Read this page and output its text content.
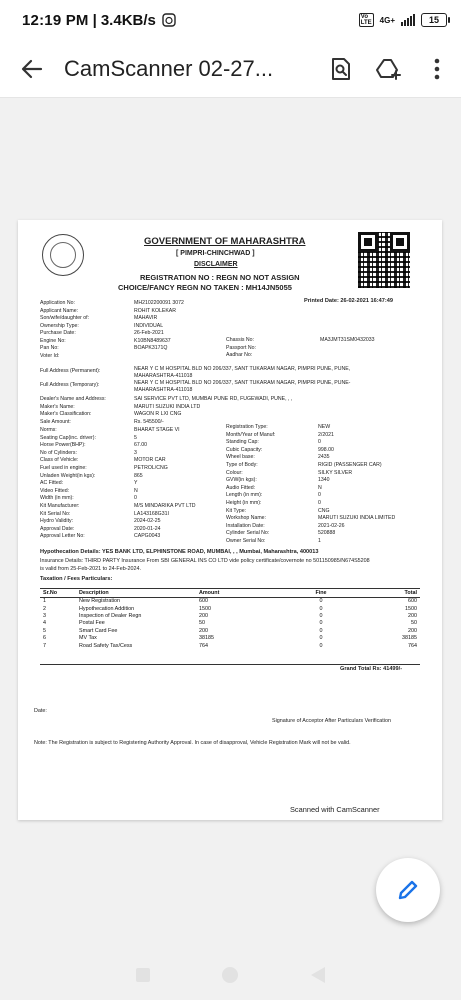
12:19 PM | 3.4KB/s	Vo
LTE 4G+	15
CamScanner 02-27...
GOVERNMENT OF MAHARASHTRA
[ PIMPRI-CHINCHWAD ]
DISCLAIMER
REGISTRATION NO : REGN NO NOT ASSIGN
CHOICE/FANCY REGN NO TAKEN : MH14JN5055
Printed Date: 26-02-2021 16:47:49
Application No:	MH2102200091 3072
Applicant Name:	ROHIT KOLEKAR
Son/wife/daughter of:	MAHAVIR
Ownership Type:	INDIVIDUAL
Purchase Date:	26-Feb-2021
Engine No:	K10BN8489637
Pan No:	BOAPK3171Q
Voter Id:
Chassis No:	MA3JMT31SM0432033
Passport No:
Aadhar No:
Full Address (Permanent):	NEAR Y C M HOSPITAL BLD NO 206/337, SANT TUKARAM NAGAR, PIMPRI PUNE, PUNE,
MAHARASHTRA-411018
Full Address (Temporary):	NEAR Y C M HOSPITAL BLD NO 206/337, SANT TUKARAM NAGAR, PIMPRI PUNE, PUNE-
MAHARASHTRA-411018
Dealer's Name and Address:	SAI SERVICE PVT LTD, MUMBAI PUNE RD, FUGEWADI, PUNE, , ,
Maker's Name:	MARUTI SUZUKI INDIA LTD
Maker's Classification:	WAGON R LXI CNG
Sale Amount:	Rs. 545500/-
Norms:	BHARAT STAGE VI
Seating Cap(inc. driver):	5
Horse Power(BHP):	67.00
No of Cylinders:	3
Class of Vehicle:	MOTOR CAR
Fuel used in engine:	PETROL/CNG
Unladen Weight(in kgs):	865
AC Fitted:	Y
Video Fitted:	N
Width (in mm):	0
Kit Manufacturer:	M/S MINDARIKA PVT LTD
Kit Serial No:	LA143168G31I
Hydro Validity:	2024-02-25
Approval Date:	2020-01-24
Approval Letter No:	CAPG0043
Registration Type:	NEW
Month/Year of Manuf:	2/2021
Standing Cap:	0
Cubic Capacity:	998.00
Wheel base:	2435
Type of Body:	RIGID (PASSENGER CAR)
Colour:	SILKY SILVER
GVW(in kgs):	1340
Audio Fitted:	N
Length (in mm):	0
Height (in mm):	0
Kit Type:	CNG
Workshop Name:	MARUTI SUZUKI INDIA LIMITED
Installation Date:	2021-02-26
Cylinder Serial No:	520888
Owner Serial No:	1
Hypothecation Details: YES BANK LTD, ELPHINSTONE ROAD, MUMBAI, , , Mumbai, Maharashtra, 400013
Insurance Details: THIRD PARTY Insurance From SBI GENERAL INS CO LTD vide policy certificate/covernote no 501150985/N674S5208
is valid from 25-Feb-2021 to 24-Feb-2024.
Taxation / Fees Particulars:
Sr.No	Description	Amount	Fine	Total
1	New Registration	600	0	600
2	Hypothecation Addition	1500	0	1500
3	Inspection of Dealer Regn	200	0	200
4	Postal Fee	50	0	50
5	Smart Card Fee	200	0	200
6	MV Tax	38185	0	38185
7	Road Safety Tax/Cess	764	0	764

Grand Total Rs: 41499/-
Date:
Signature of Acceptor After Particulars Verification
Note: The Registration is subject to Registering Authority Approval. In case of disapproval, Vehicle Registration Mark will not be valid.
Scanned with CamScanner
